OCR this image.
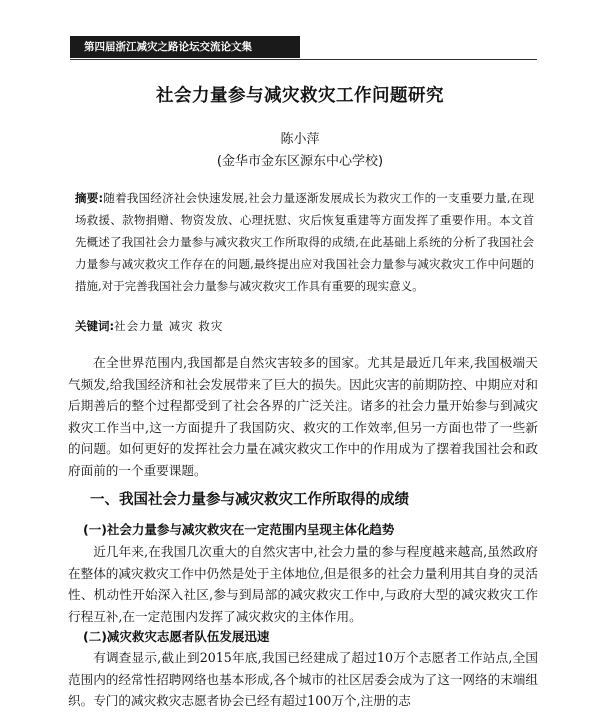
第四届浙江减灾之路论坛交流论文集
社会力量参与减灾救灾工作问题研究
陈小萍
(金华市金东区源东中心学校)

摘要:随着我国经济社会快速发展,社会力量逐渐发展成长为救灾工作的一支重要力量,在现场救援、款物捐赠、物资发放、心理抚慰、灾后恢复重建等方面发挥了重要作用。本文首先概述了我国社会力量参与减灾救灾工作所取得的成绩,在此基础上系统的分析了我国社会力量参与减灾救灾工作存在的问题,最终提出应对我国社会力量参与减灾救灾工作中问题的措施,对于完善我国社会力量参与减灾救灾工作具有重要的现实意义。

关键词:社会力量 减灾 救灾

在全世界范围内,我国都是自然灾害较多的国家。尤其是最近几年来,我国极端天气频发,给我国经济和社会发展带来了巨大的损失。因此灾害的前期防控、中期应对和后期善后的整个过程都受到了社会各界的广泛关注。诸多的社会力量开始参与到减灾救灾工作当中,这一方面提升了我国防灾、救灾的工作效率,但另一方面也带了一些新的问题。如何更好的发挥社会力量在减灾救灾工作中的作用成为了摆着我国社会和政府面前的一个重要课题。

一、我国社会力量参与减灾救灾工作所取得的成绩

(一)社会力量参与减灾救灾在一定范围内呈现主体化趋势

近几年来,在我国几次重大的自然灾害中,社会力量的参与程度越来越高,虽然政府在整体的减灾救灾工作中仍然是处于主体地位,但是很多的社会力量利用其自身的灵活性、机动性开始深入社区,参与到局部的减灾救灾工作中,与政府大型的减灾救灾工作行程互补,在一定范围内发挥了减灾救灾的主体作用。

(二)减灾救灾志愿者队伍发展迅速

有调查显示,截止到2015年底,我国已经建成了超过10万个志愿者工作站点,全国范围内的经常性招聘网络也基本形成,各个城市的社区居委会成为了这一网络的末端组织。专门的减灾救灾志愿者协会已经有超过100万个,注册的志
